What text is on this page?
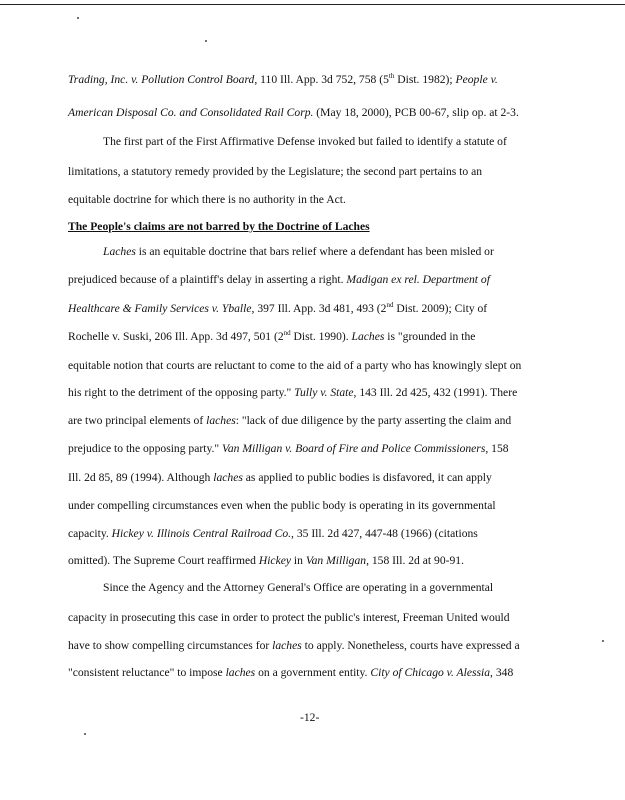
Trading, Inc. v. Pollution Control Board, 110 Ill. App. 3d 752, 758 (5th Dist. 1982); People v.
American Disposal Co. and Consolidated Rail Corp. (May 18, 2000), PCB 00-67, slip op. at 2-3.
The first part of the First Affirmative Defense invoked but failed to identify a statute of
limitations, a statutory remedy provided by the Legislature; the second part pertains to an
equitable doctrine for which there is no authority in the Act.
The People's claims are not barred by the Doctrine of Laches
Laches is an equitable doctrine that bars relief where a defendant has been misled or
prejudiced because of a plaintiff's delay in asserting a right. Madigan ex rel. Department of
Healthcare & Family Services v. Yballe, 397 Ill. App. 3d 481, 493 (2nd Dist. 2009); City of
Rochelle v. Suski, 206 Ill. App. 3d 497, 501 (2nd Dist. 1990). Laches is "grounded in the
equitable notion that courts are reluctant to come to the aid of a party who has knowingly slept on
his right to the detriment of the opposing party." Tully v. State, 143 Ill. 2d 425, 432 (1991). There
are two principal elements of laches: "lack of due diligence by the party asserting the claim and
prejudice to the opposing party." Van Milligan v. Board of Fire and Police Commissioners, 158
Ill. 2d 85, 89 (1994). Although laches as applied to public bodies is disfavored, it can apply
under compelling circumstances even when the public body is operating in its governmental
capacity. Hickey v. Illinois Central Railroad Co., 35 Ill. 2d 427, 447-48 (1966) (citations
omitted). The Supreme Court reaffirmed Hickey in Van Milligan, 158 Ill. 2d at 90-91.
Since the Agency and the Attorney General's Office are operating in a governmental
capacity in prosecuting this case in order to protect the public's interest, Freeman United would
have to show compelling circumstances for laches to apply. Nonetheless, courts have expressed a
"consistent reluctance" to impose laches on a government entity. City of Chicago v. Alessia, 348
-12-
